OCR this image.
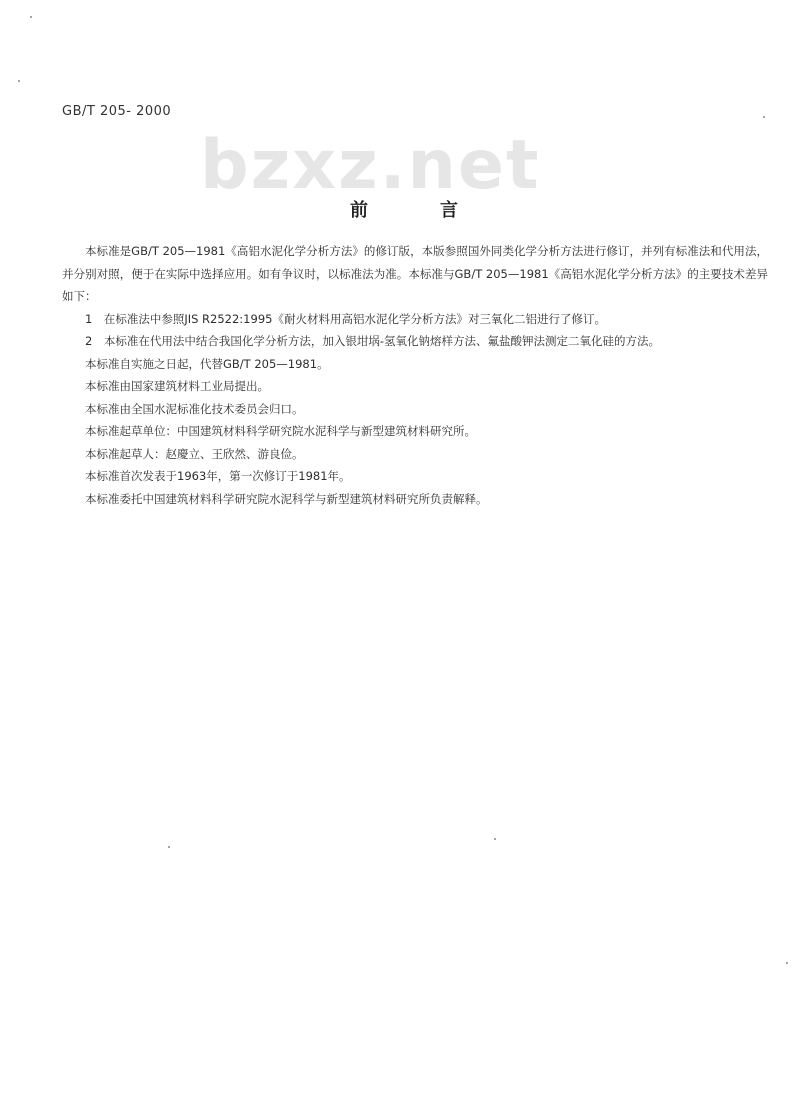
GB/T 205- 2000
bzxz.net
前	言

本标准是GB/T 205—1981《高铝水泥化学分析方法》的修订版，本版参照国外同类化学分析方法进行修订，并列有标准法和代用法，并分别对照，便于在实际中选择应用。如有争议时，以标准法为准。本标准与GB/T 205—1981《高铝水泥化学分析方法》的主要技术差异如下：

1　在标准法中参照JIS R2522:1995《耐火材料用高铝水泥化学分析方法》对三氧化二铝进行了修订。

2　本标准在代用法中结合我国化学分析方法，加入银坩埚-氢氧化钠熔样方法、氟盐酸钾法测定二氧化硅的方法。

本标准自实施之日起，代替GB/T 205—1981。

本标准由国家建筑材料工业局提出。

本标准由全国水泥标准化技术委员会归口。

本标准起草单位：中国建筑材料科学研究院水泥科学与新型建筑材料研究所。

本标准起草人：赵慶立、王欣然、游良俭。

本标准首次发表于1963年，第一次修订于1981年。

本标准委托中国建筑材料科学研究院水泥科学与新型建筑材料研究所负责解释。
